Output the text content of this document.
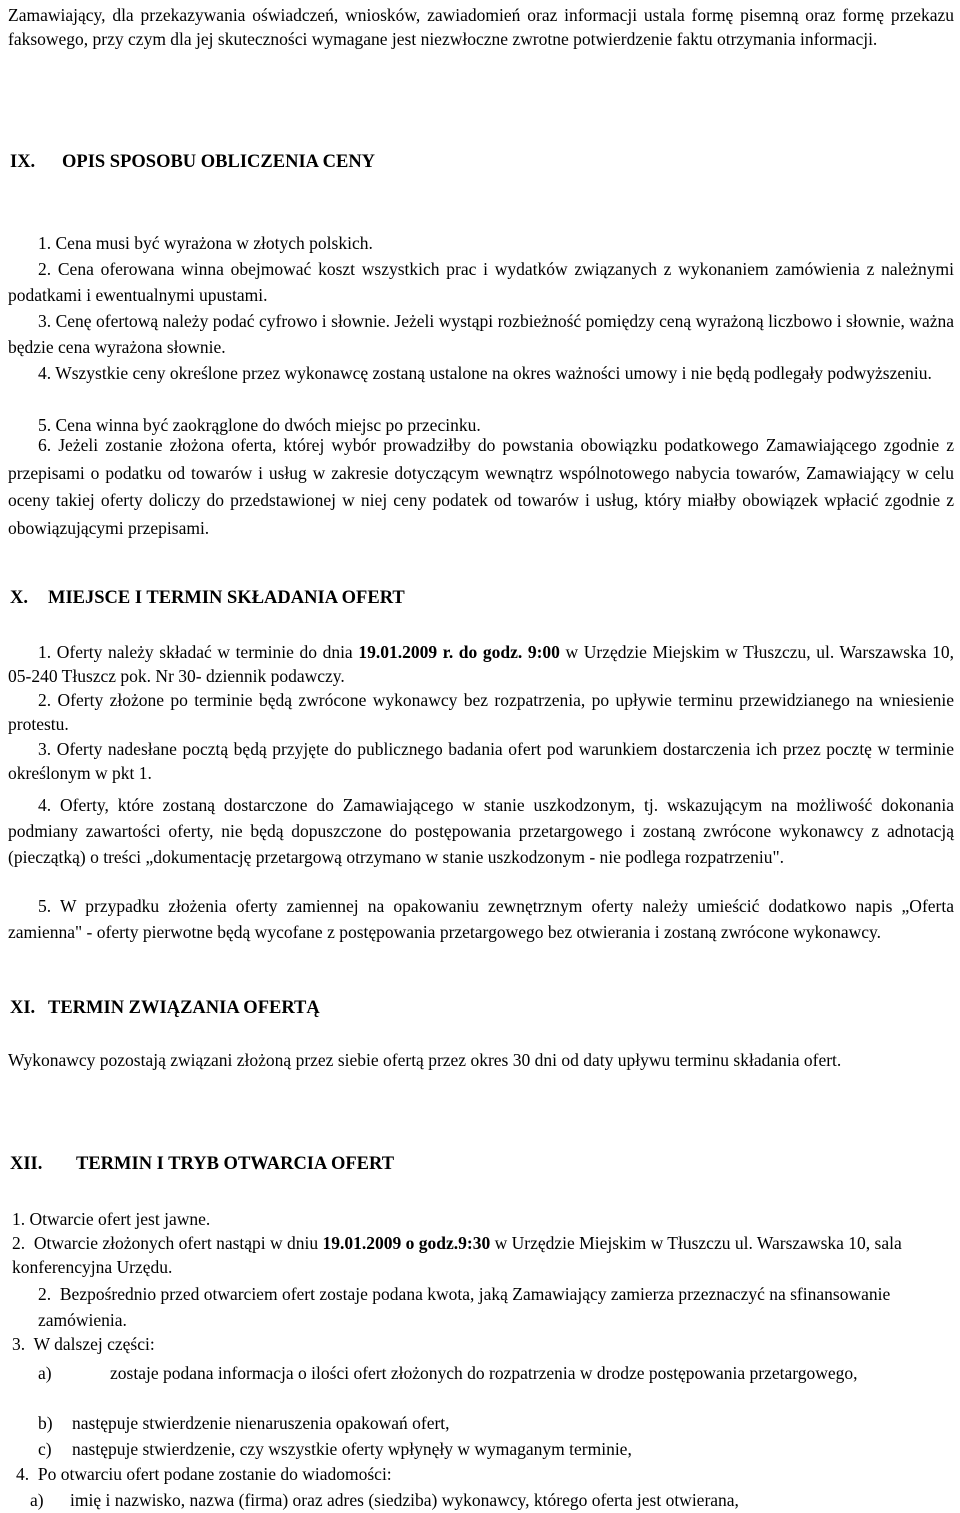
Zamawiający, dla przekazywania oświadczeń, wniosków, zawiadomień oraz informacji ustala formę pisemną oraz formę przekazu faksowego, przy czym dla jej skuteczności wymagane jest niezwłoczne zwrotne potwierdzenie faktu otrzymania informacji.
IX. OPIS SPOSOBU OBLICZENIA CENY
1. Cena musi być wyrażona w złotych polskich.
2. Cena oferowana winna obejmować koszt wszystkich prac i wydatków związanych z wykonaniem zamówienia z należnymi podatkami i ewentualnymi upustami.
3. Cenę ofertową należy podać cyfrowo i słownie. Jeżeli wystąpi rozbieżność pomiędzy ceną wyrażoną liczbowo i słownie, ważna będzie cena wyrażona słownie.
4. Wszystkie ceny określone przez wykonawcę zostaną ustalone na okres ważności umowy i nie będą podlegały podwyższeniu.
5. Cena winna być zaokrąglone do dwóch miejsc po przecinku.
6. Jeżeli zostanie złożona oferta, której wybór prowadziłby do powstania obowiązku podatkowego Zamawiającego zgodnie z przepisami o podatku od towarów i usług w zakresie dotyczącym wewnątrz wspólnotowego nabycia towarów, Zamawiający w celu oceny takiej oferty doliczy do przedstawionej w niej ceny podatek od towarów i usług, który miałby obowiązek wpłacić zgodnie z obowiązującymi przepisami.
X. MIEJSCE I TERMIN SKŁADANIA OFERT
1. Oferty należy składać w terminie do dnia 19.01.2009 r. do godz. 9:00 w Urzędzie Miejskim w Tłuszczu, ul. Warszawska 10, 05-240 Tłuszcz pok. Nr 30- dziennik podawczy.
2. Oferty złożone po terminie będą zwrócone wykonawcy bez rozpatrzenia, po upływie terminu przewidzianego na wniesienie protestu.
3. Oferty nadesłane pocztą będą przyjęte do publicznego badania ofert pod warunkiem dostarczenia ich przez pocztę w terminie określonym w pkt 1.
4. Oferty, które zostaną dostarczone do Zamawiającego w stanie uszkodzonym, tj. wskazującym na możliwość dokonania podmiany zawartości oferty, nie będą dopuszczone do postępowania przetargowego i zostaną zwrócone wykonawcy z adnotacją (pieczątką) o treści „dokumentację przetargową otrzymano w stanie uszkodzonym - nie podlega rozpatrzeniu".
5. W przypadku złożenia oferty zamiennej na opakowaniu zewnętrznym oferty należy umieścić dodatkowo napis „Oferta zamienna" - oferty pierwotne będą wycofane z postępowania przetargowego bez otwierania i zostaną zwrócone wykonawcy.
XI. TERMIN ZWIĄZANIA OFERTĄ
Wykonawcy pozostają związani złożoną przez siebie ofertą przez okres 30 dni od daty upływu terminu składania ofert.
XII. TERMIN I TRYB OTWARCIA OFERT
1. Otwarcie ofert jest jawne.
2. Otwarcie złożonych ofert nastąpi w dniu 19.01.2009 o godz.9:30 w Urzędzie Miejskim w Tłuszczu ul. Warszawska 10, sala konferencyjna Urzędu.
2. Bezpośrednio przed otwarciem ofert zostaje podana kwota, jaką Zamawiający zamierza przeznaczyć na sfinansowanie zamówienia.
3. W dalszej części:
a)	zostaje podana informacja o ilości ofert złożonych do rozpatrzenia w drodze postępowania przetargowego,
b) następuje stwierdzenie nienaruszenia opakowań ofert,
c) następuje stwierdzenie, czy wszystkie oferty wpłynęły w wymaganym terminie,
4. Po otwarciu ofert podane zostanie do wiadomości:
a) imię i nazwisko, nazwa (firma) oraz adres (siedziba) wykonawcy, którego oferta jest otwierana,
